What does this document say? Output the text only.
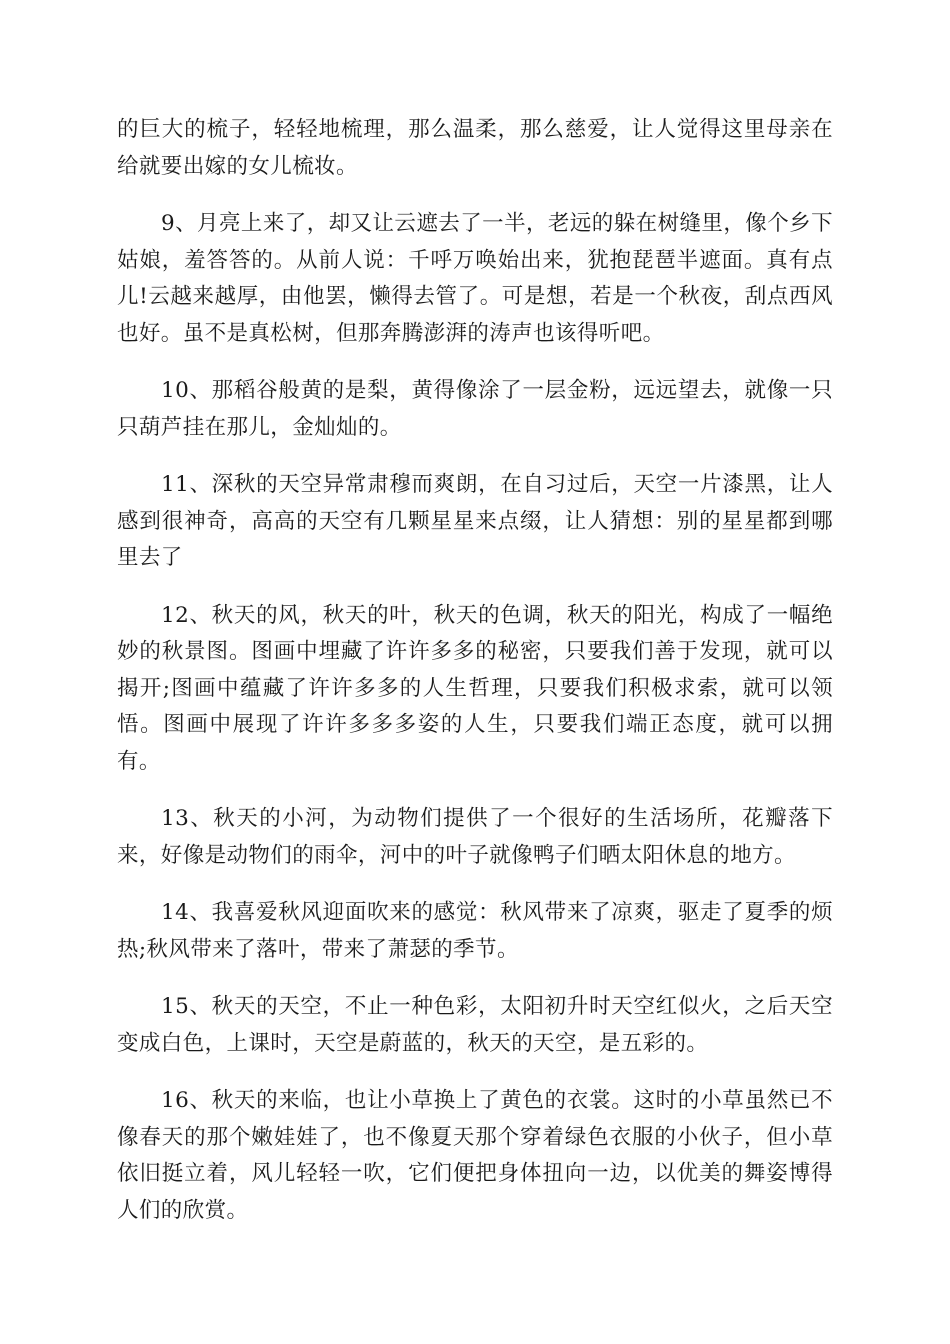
的巨大的梳子，轻轻地梳理，那么温柔，那么慈爱，让人觉得这里母亲在给就要出嫁的女儿梳妆。

9、月亮上来了，却又让云遮去了一半，老远的躲在树缝里，像个乡下姑娘，羞答答的。从前人说：千呼万唤始出来，犹抱琵琶半遮面。真有点儿!云越来越厚，由他罢，懒得去管了。可是想，若是一个秋夜，刮点西风也好。虽不是真松树，但那奔腾澎湃的涛声也该得听吧。

10、那稻谷般黄的是梨，黄得像涂了一层金粉，远远望去，就像一只只葫芦挂在那儿，金灿灿的。

11、深秋的天空异常肃穆而爽朗，在自习过后，天空一片漆黑，让人感到很神奇，高高的天空有几颗星星来点缀，让人猜想：别的星星都到哪里去了

12、秋天的风，秋天的叶，秋天的色调，秋天的阳光，构成了一幅绝妙的秋景图。图画中埋藏了许许多多的秘密，只要我们善于发现，就可以揭开;图画中蕴藏了许许多多的人生哲理，只要我们积极求索，就可以领悟。图画中展现了许许多多多姿的人生，只要我们端正态度，就可以拥有。

13、秋天的小河，为动物们提供了一个很好的生活场所，花瓣落下来，好像是动物们的雨伞，河中的叶子就像鸭子们晒太阳休息的地方。

14、我喜爱秋风迎面吹来的感觉：秋风带来了凉爽，驱走了夏季的烦热;秋风带来了落叶，带来了萧瑟的季节。

15、秋天的天空，不止一种色彩，太阳初升时天空红似火，之后天空变成白色，上课时，天空是蔚蓝的，秋天的天空，是五彩的。

16、秋天的来临，也让小草换上了黄色的衣裳。这时的小草虽然已不像春天的那个嫩娃娃了，也不像夏天那个穿着绿色衣服的小伙子，但小草依旧挺立着，风儿轻轻一吹，它们便把身体扭向一边，以优美的舞姿博得人们的欣赏。
